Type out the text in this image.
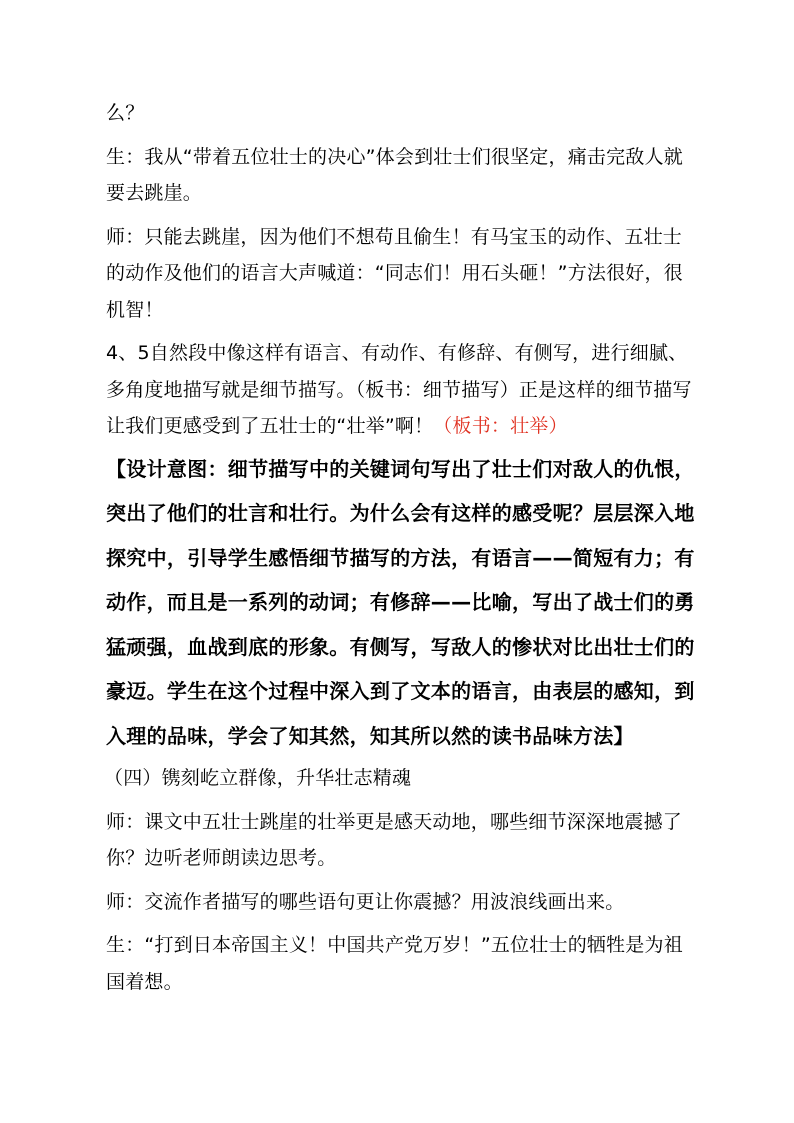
么？

生：我从“带着五位壮士的决心”体会到壮士们很坚定，痛击完敌人就要去跳崖。

师：只能去跳崖，因为他们不想苟且偷生！有马宝玉的动作、五壮士的动作及他们的语言大声喊道：“同志们！用石头砸！”方法很好，很机智！

4、5自然段中像这样有语言、有动作、有修辞、有侧写，进行细腻、多角度地描写就是细节描写。（板书：细节描写）正是这样的细节描写让我们更感受到了五壮士的“壮举”啊！（板书：壮举）

【设计意图：细节描写中的关键词句写出了壮士们对敌人的仇恨，突出了他们的壮言和壮行。为什么会有这样的感受呢？层层深入地探究中，引导学生感悟细节描写的方法，有语言——简短有力；有动作，而且是一系列的动词；有修辞——比喻，写出了战士们的勇猛顽强，血战到底的形象。有侧写，写敌人的惨状对比出壮士们的豪迈。学生在这个过程中深入到了文本的语言，由表层的感知，到入理的品味，学会了知其然，知其所以然的读书品味方法】

（四）镌刻屹立群像，升华壮志精魂

师：课文中五壮士跳崖的壮举更是感天动地，哪些细节深深地震撼了你？边听老师朗读边思考。

师：交流作者描写的哪些语句更让你震撼？用波浪线画出来。

生：“打到日本帝国主义！中国共产党万岁！”五位壮士的牺牲是为祖国着想。
